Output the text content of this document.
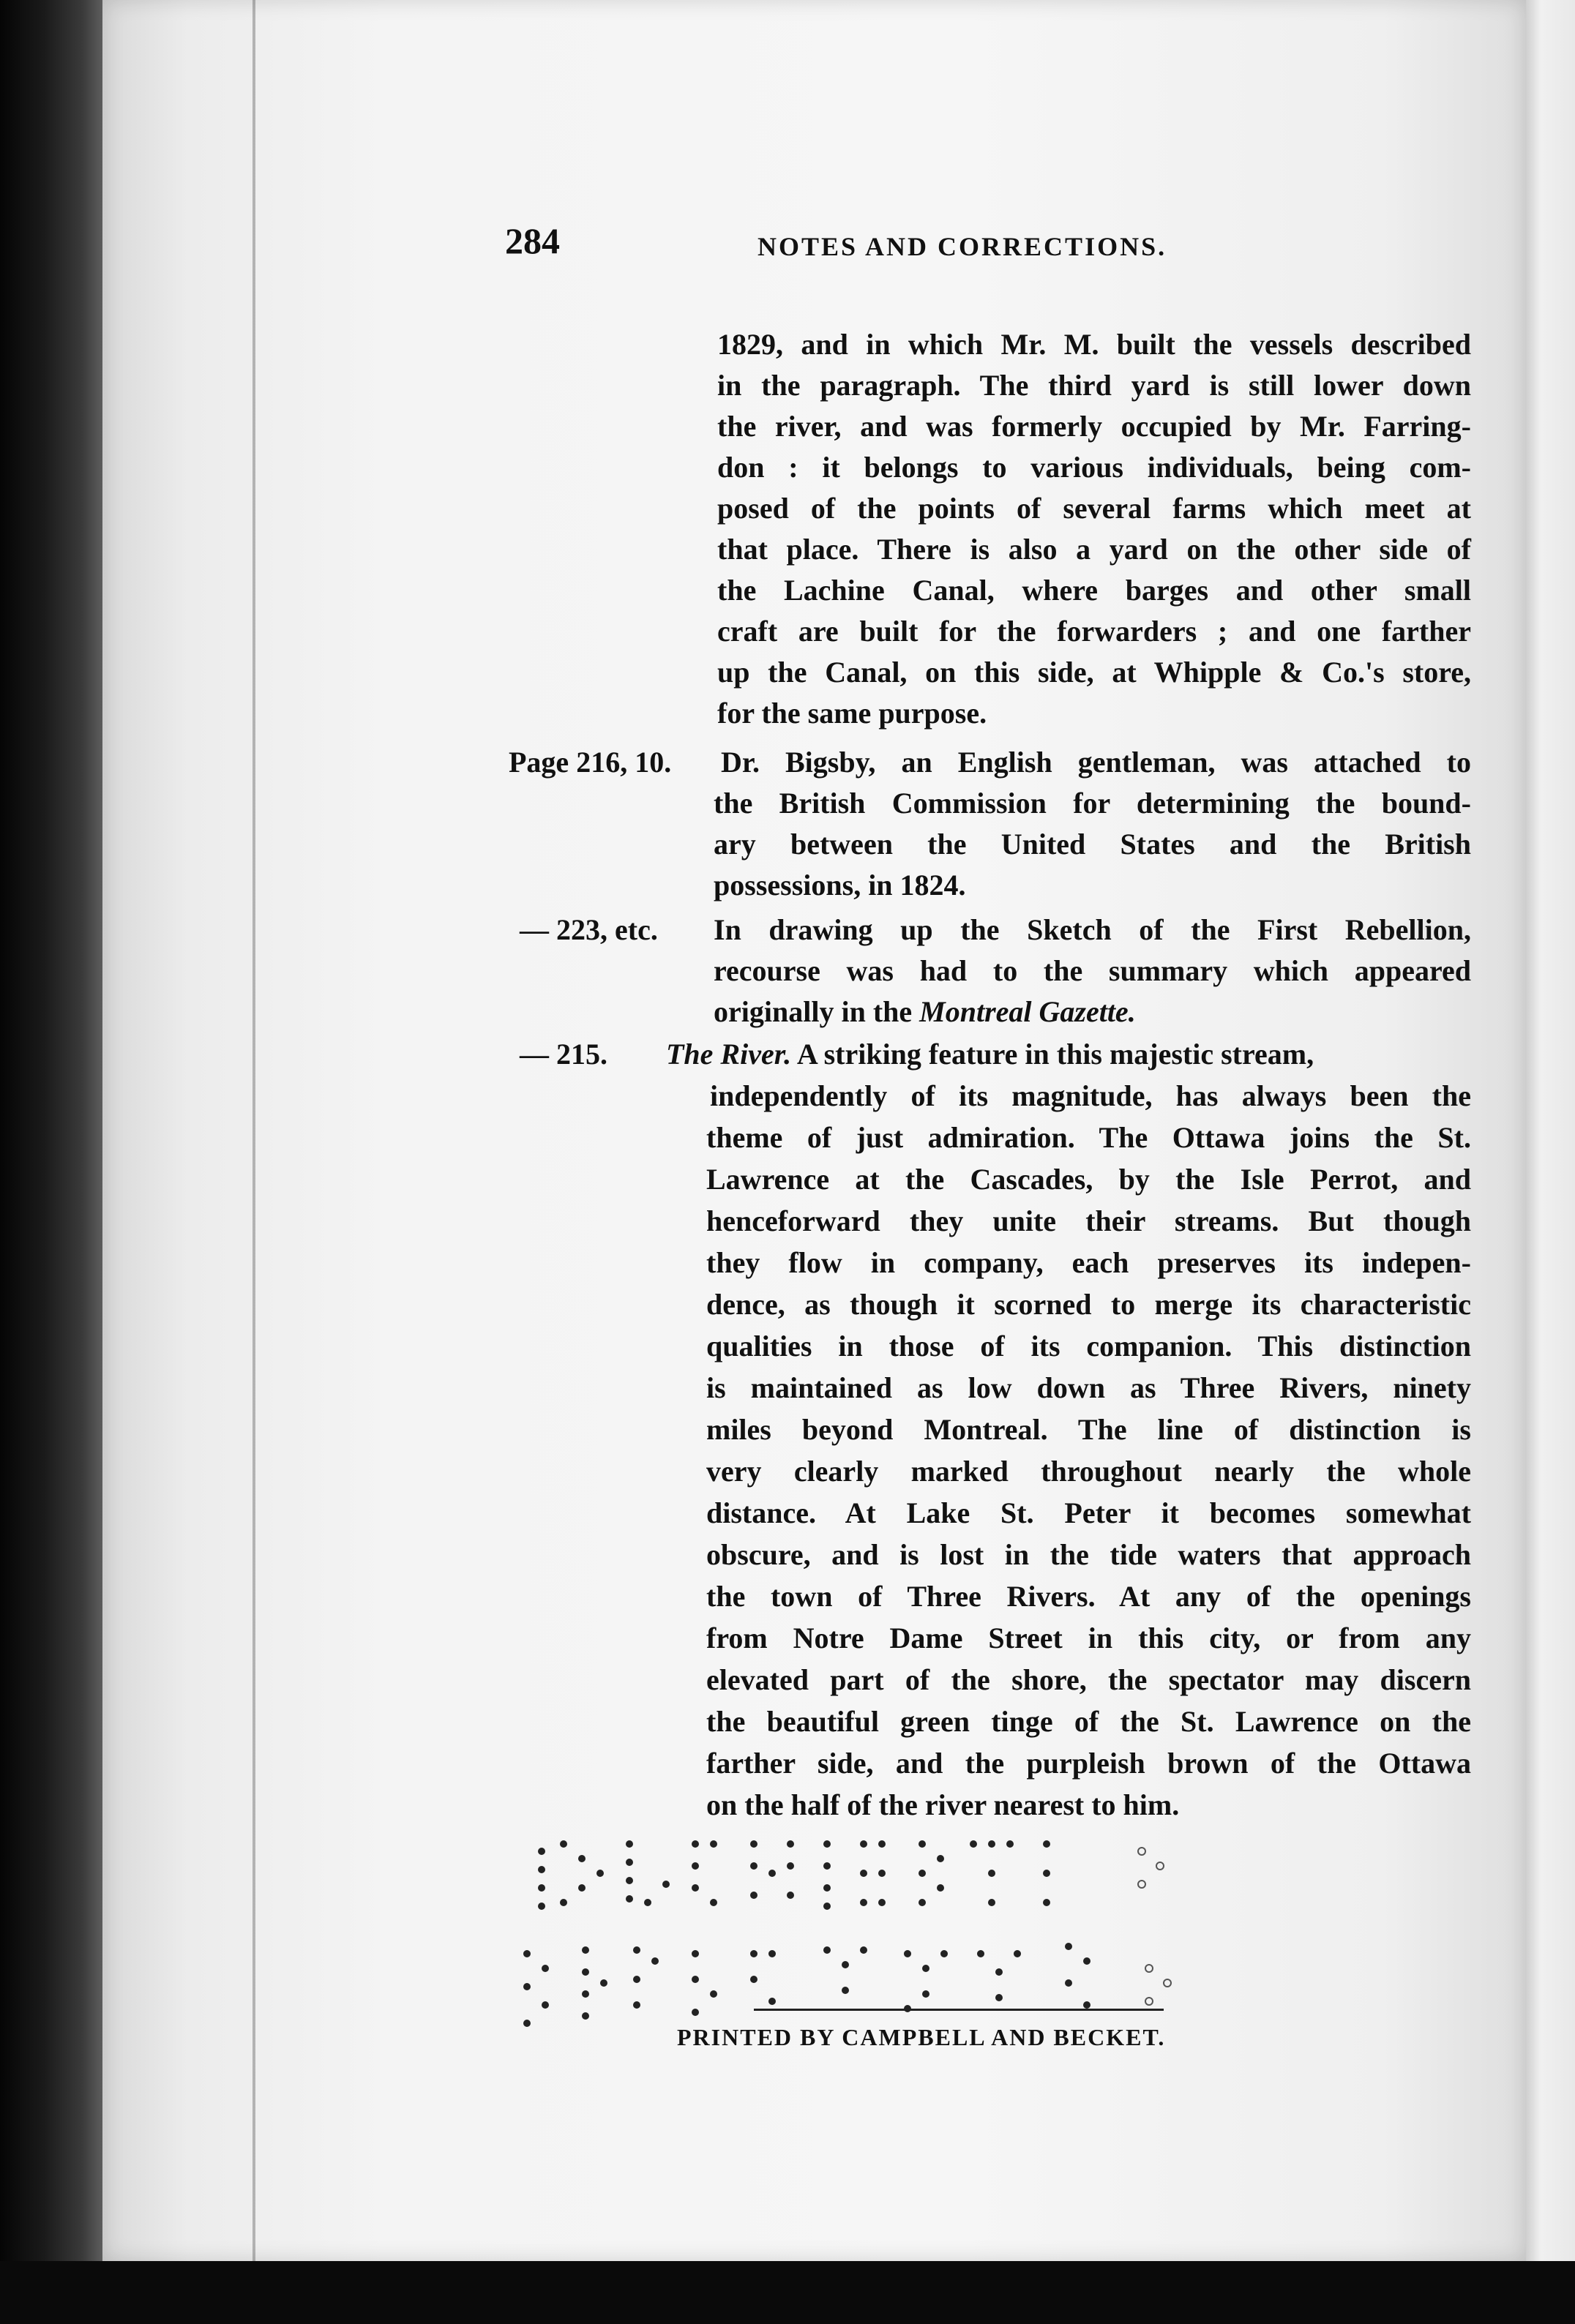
284	NOTES AND CORRECTIONS.
1829, and in which Mr. M. built the vessels described
in the paragraph. The third yard is still lower down
the river, and was formerly occupied by Mr. Farring-
don : it belongs to various individuals, being com-
posed of the points of several farms which meet at
that place. There is also a yard on the other side of
the Lachine Canal, where barges and other small
craft are built for the forwarders ; and one farther
up the Canal, on this side, at Whipple & Co.'s store,
for the same purpose.
Page 216, 10. Dr. Bigsby, an English gentleman, was attached to
the British Commission for determining the bound-
ary between the United States and the British
possessions, in 1824.
— 223, etc. In drawing up the Sketch of the First Rebellion,
recourse was had to the summary which appeared
originally in the Montreal Gazette.
— 215. The River. A striking feature in this majestic stream,
independently of its magnitude, has always been the
theme of just admiration. The Ottawa joins the St.
Lawrence at the Cascades, by the Isle Perrot, and
henceforward they unite their streams. But though
they flow in company, each preserves its indepen-
dence, as though it scorned to merge its characteristic
qualities in those of its companion. This distinction
is maintained as low down as Three Rivers, ninety
miles beyond Montreal. The line of distinction is
very clearly marked throughout nearly the whole
distance. At Lake St. Peter it becomes somewhat
obscure, and is lost in the tide waters that approach
the town of Three Rivers. At any of the openings
from Notre Dame Street in this city, or from any
elevated part of the shore, the spectator may discern
the beautiful green tinge of the St. Lawrence on the
farther side, and the purpleish brown of the Ottawa
on the half of the river nearest to him.
PRINTED BY CAMPBELL AND BECKET.
